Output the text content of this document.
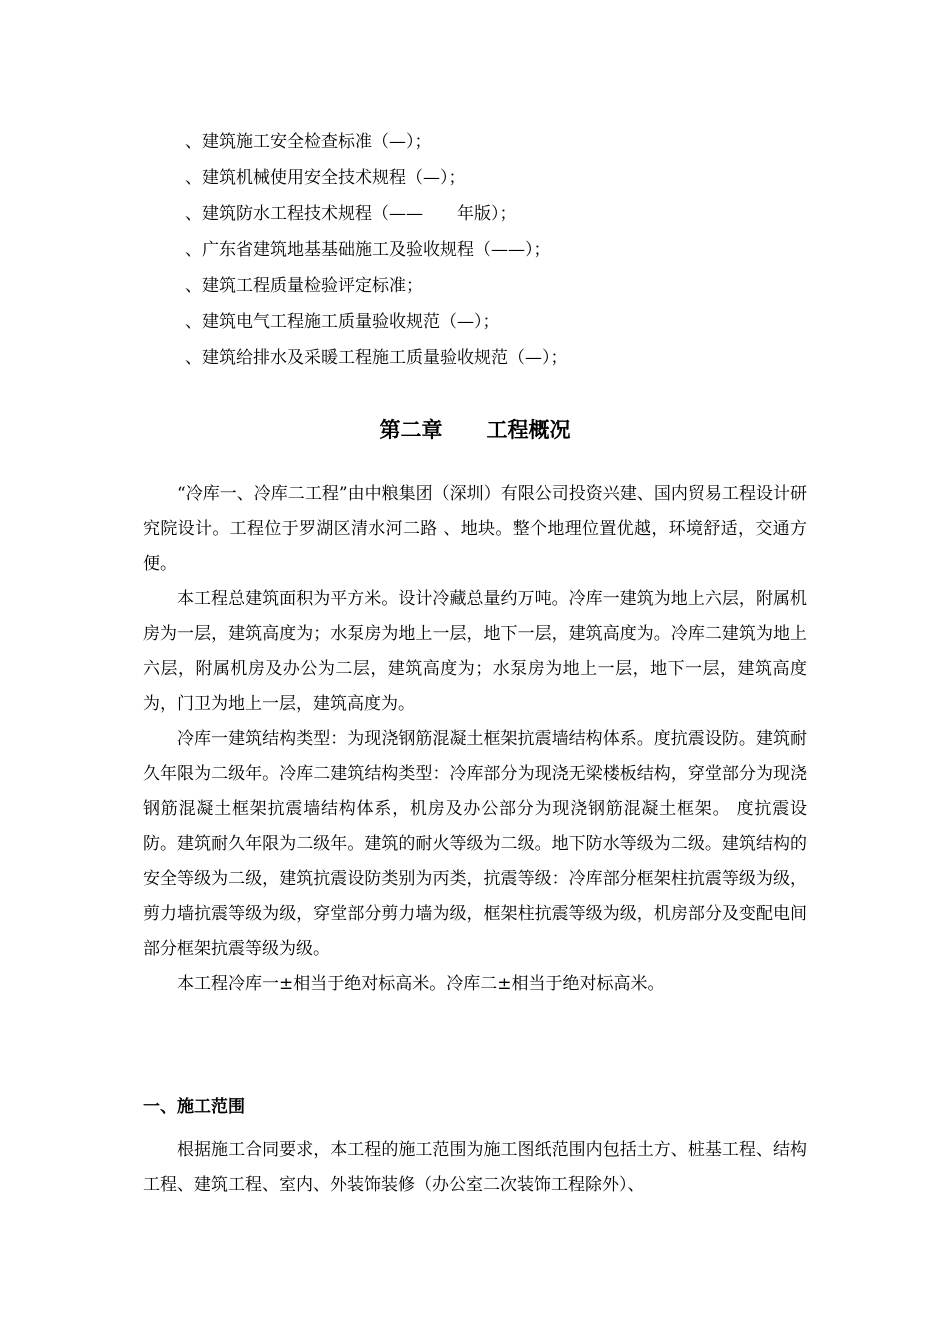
、建筑施工安全检查标准（—）；
、建筑机械使用安全技术规程（—）；
、建筑防水工程技术规程（——　　年版）；
、广东省建筑地基基础施工及验收规程（——）；
、建筑工程质量检验评定标准；
、建筑电气工程施工质量验收规范（—）；
、建筑给排水及采暖工程施工质量验收规范（—）；
第二章 工程概况

“冷库一、冷库二工程”由中粮集团（深圳）有限公司投资兴建、国内贸易工程设计研究院设计。工程位于罗湖区清水河二路 、地块。整个地理位置优越，环境舒适，交通方便。

本工程总建筑面积为平方米。设计冷藏总量约万吨。冷库一建筑为地上六层，附属机房为一层，建筑高度为；水泵房为地上一层，地下一层，建筑高度为。冷库二建筑为地上六层，附属机房及办公为二层，建筑高度为；水泵房为地上一层，地下一层，建筑高度为，门卫为地上一层，建筑高度为。

冷库一建筑结构类型：为现浇钢筋混凝土框架抗震墙结构体系。度抗震设防。建筑耐久年限为二级年。冷库二建筑结构类型：冷库部分为现浇无梁楼板结构，穿堂部分为现浇钢筋混凝土框架抗震墙结构体系，机房及办公部分为现浇钢筋混凝土框架。 度抗震设防。建筑耐久年限为二级年。建筑的耐火等级为二级。地下防水等级为二级。建筑结构的安全等级为二级，建筑抗震设防类别为丙类，抗震等级：冷库部分框架柱抗震等级为级，剪力墙抗震等级为级，穿堂部分剪力墙为级，框架柱抗震等级为级，机房部分及变配电间部分框架抗震等级为级。

本工程冷库一±相当于绝对标高米。冷库二±相当于绝对标高米。

一、施工范围

根据施工合同要求，本工程的施工范围为施工图纸范围内包括土方、桩基工程、结构工程、建筑工程、室内、外装饰装修（办公室二次装饰工程除外）、
